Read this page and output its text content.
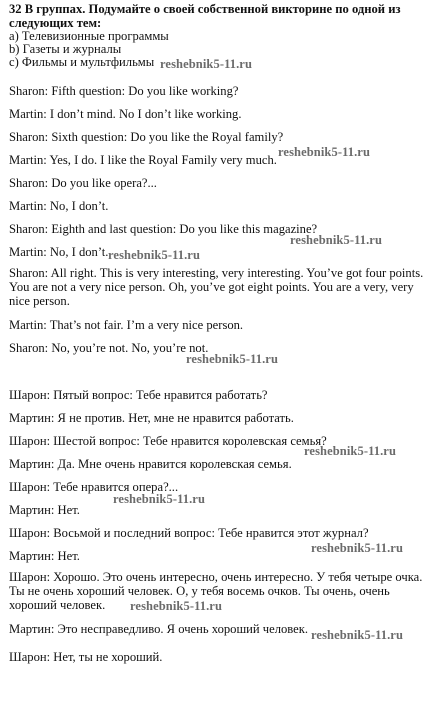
32 В группах. Подумайте о своей собственной викторине по одной из

следующих тем:

a) Телевизионные программы

b) Газеты и журналы

c) Фильмы и мультфильмы

Sharon: Fifth question: Do you like working?
Martin: I don’t mind. No I don’t like working.
Sharon: Sixth question: Do you like the Royal family?
Martin: Yes, I do. I like the Royal Family very much.
Sharon: Do you like opera?...
Martin: No, I don’t.
Sharon: Eighth and last question: Do you like this magazine?
Martin: No, I don’t.
Sharon: All right. This is very interesting, very interesting. You’ve got four points. You are not a very nice person. Oh, you’ve got eight points. You are a very, very nice person.
Martin: That’s not fair. I’m a very nice person.
Sharon: No, you’re not. No, you’re not.
Шарон: Пятый вопрос: Тебе нравится работать?
Мартин: Я не против. Нет, мне не нравится работать.
Шарон: Шестой вопрос: Тебе нравится королевская семья?
Мартин: Да. Мне очень нравится королевская семья.
Шарон: Тебе нравится опера?...
Мартин: Нет.
Шарон: Восьмой и последний вопрос: Тебе нравится этот журнал?
Мартин: Нет.
Шарон: Хорошо. Это очень интересно, очень интересно. У тебя четыре очка. Ты не очень хороший человек. О, у тебя восемь очков. Ты очень, очень хороший человек.
Мартин: Это несправедливо. Я очень хороший человек.
Шарон: Нет, ты не хороший.
reshebnik5-11.ru
reshebnik5-11.ru
reshebnik5-11.ru
reshebnik5-11.ru
reshebnik5-11.ru
reshebnik5-11.ru
reshebnik5-11.ru
reshebnik5-11.ru
reshebnik5-11.ru
reshebnik5-11.ru
